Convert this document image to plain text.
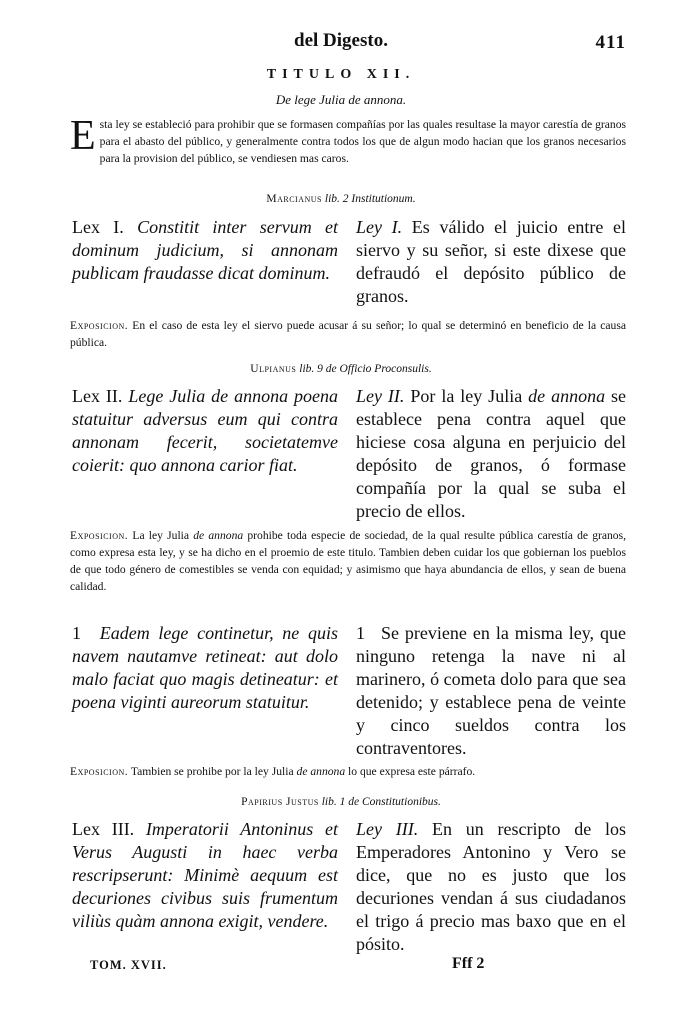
del Digesto.	411
TITULO XII.
De lege Julia de annona.
Esta ley se estableció para prohibir que se formasen compañías por las quales resultase la mayor carestía de granos para el abasto del público, y generalmente contra todos los que de algun modo hacian que los granos necesarios para la provision del público, se vendiesen mas caros.
Marcianus lib. 2 Institutionum.
Lex I. Constitit inter servum et dominum judicium, si annonam publicam fraudasse dicat dominum.
Ley I. Es válido el juicio entre el siervo y su señor, si este dixese que defraudó el depósito público de granos.
Exposicion. En el caso de esta ley el siervo puede acusar á su señor; lo qual se determinó en beneficio de la causa pública.
Ulpianus lib. 9 de Officio Proconsulis.
Lex II. Lege Julia de annona poena statuitur adversus eum qui contra annonam fecerit, societatemve coierit: quo annona carior fiat.
Ley II. Por la ley Julia de annona se establece pena contra aquel que hiciese cosa alguna en perjuicio del depósito de granos, ó formase compañía por la qual se suba el precio de ellos.
Exposicion. La ley Julia de annona prohibe toda especie de sociedad, de la qual resulte pública carestía de granos, como expresa esta ley, y se ha dicho en el proemio de este titulo. Tambien deben cuidar los que gobiernan los pueblos de que todo género de comestibles se venda con equidad; y asimismo que haya abundancia de ellos, y sean de buena calidad.
1 Eadem lege continetur, ne quis navem nautamve retineat: aut dolo malo faciat quo magis detineatur: et poena viginti aureorum statuitur.
1 Se previene en la misma ley, que ninguno retenga la nave ni al marinero, ó cometa dolo para que sea detenido; y establece pena de veinte y cinco sueldos contra los contraventores.
Exposicion. Tambien se prohibe por la ley Julia de annona lo que expresa este párrafo.
Papirius Justus lib. 1 de Constitutionibus.
Lex III. Imperatorii Antoninus et Verus Augusti in haec verba rescripserunt: Minimè aequum est decuriones civibus suis frumentum viliùs quàm annona exigit, vendere.
Ley III. En un rescripto de los Emperadores Antonino y Vero se dice, que no es justo que los decuriones vendan á sus ciudadanos el trigo á precio mas baxo que en el pósito.
TOM. XVII.	Fff 2
